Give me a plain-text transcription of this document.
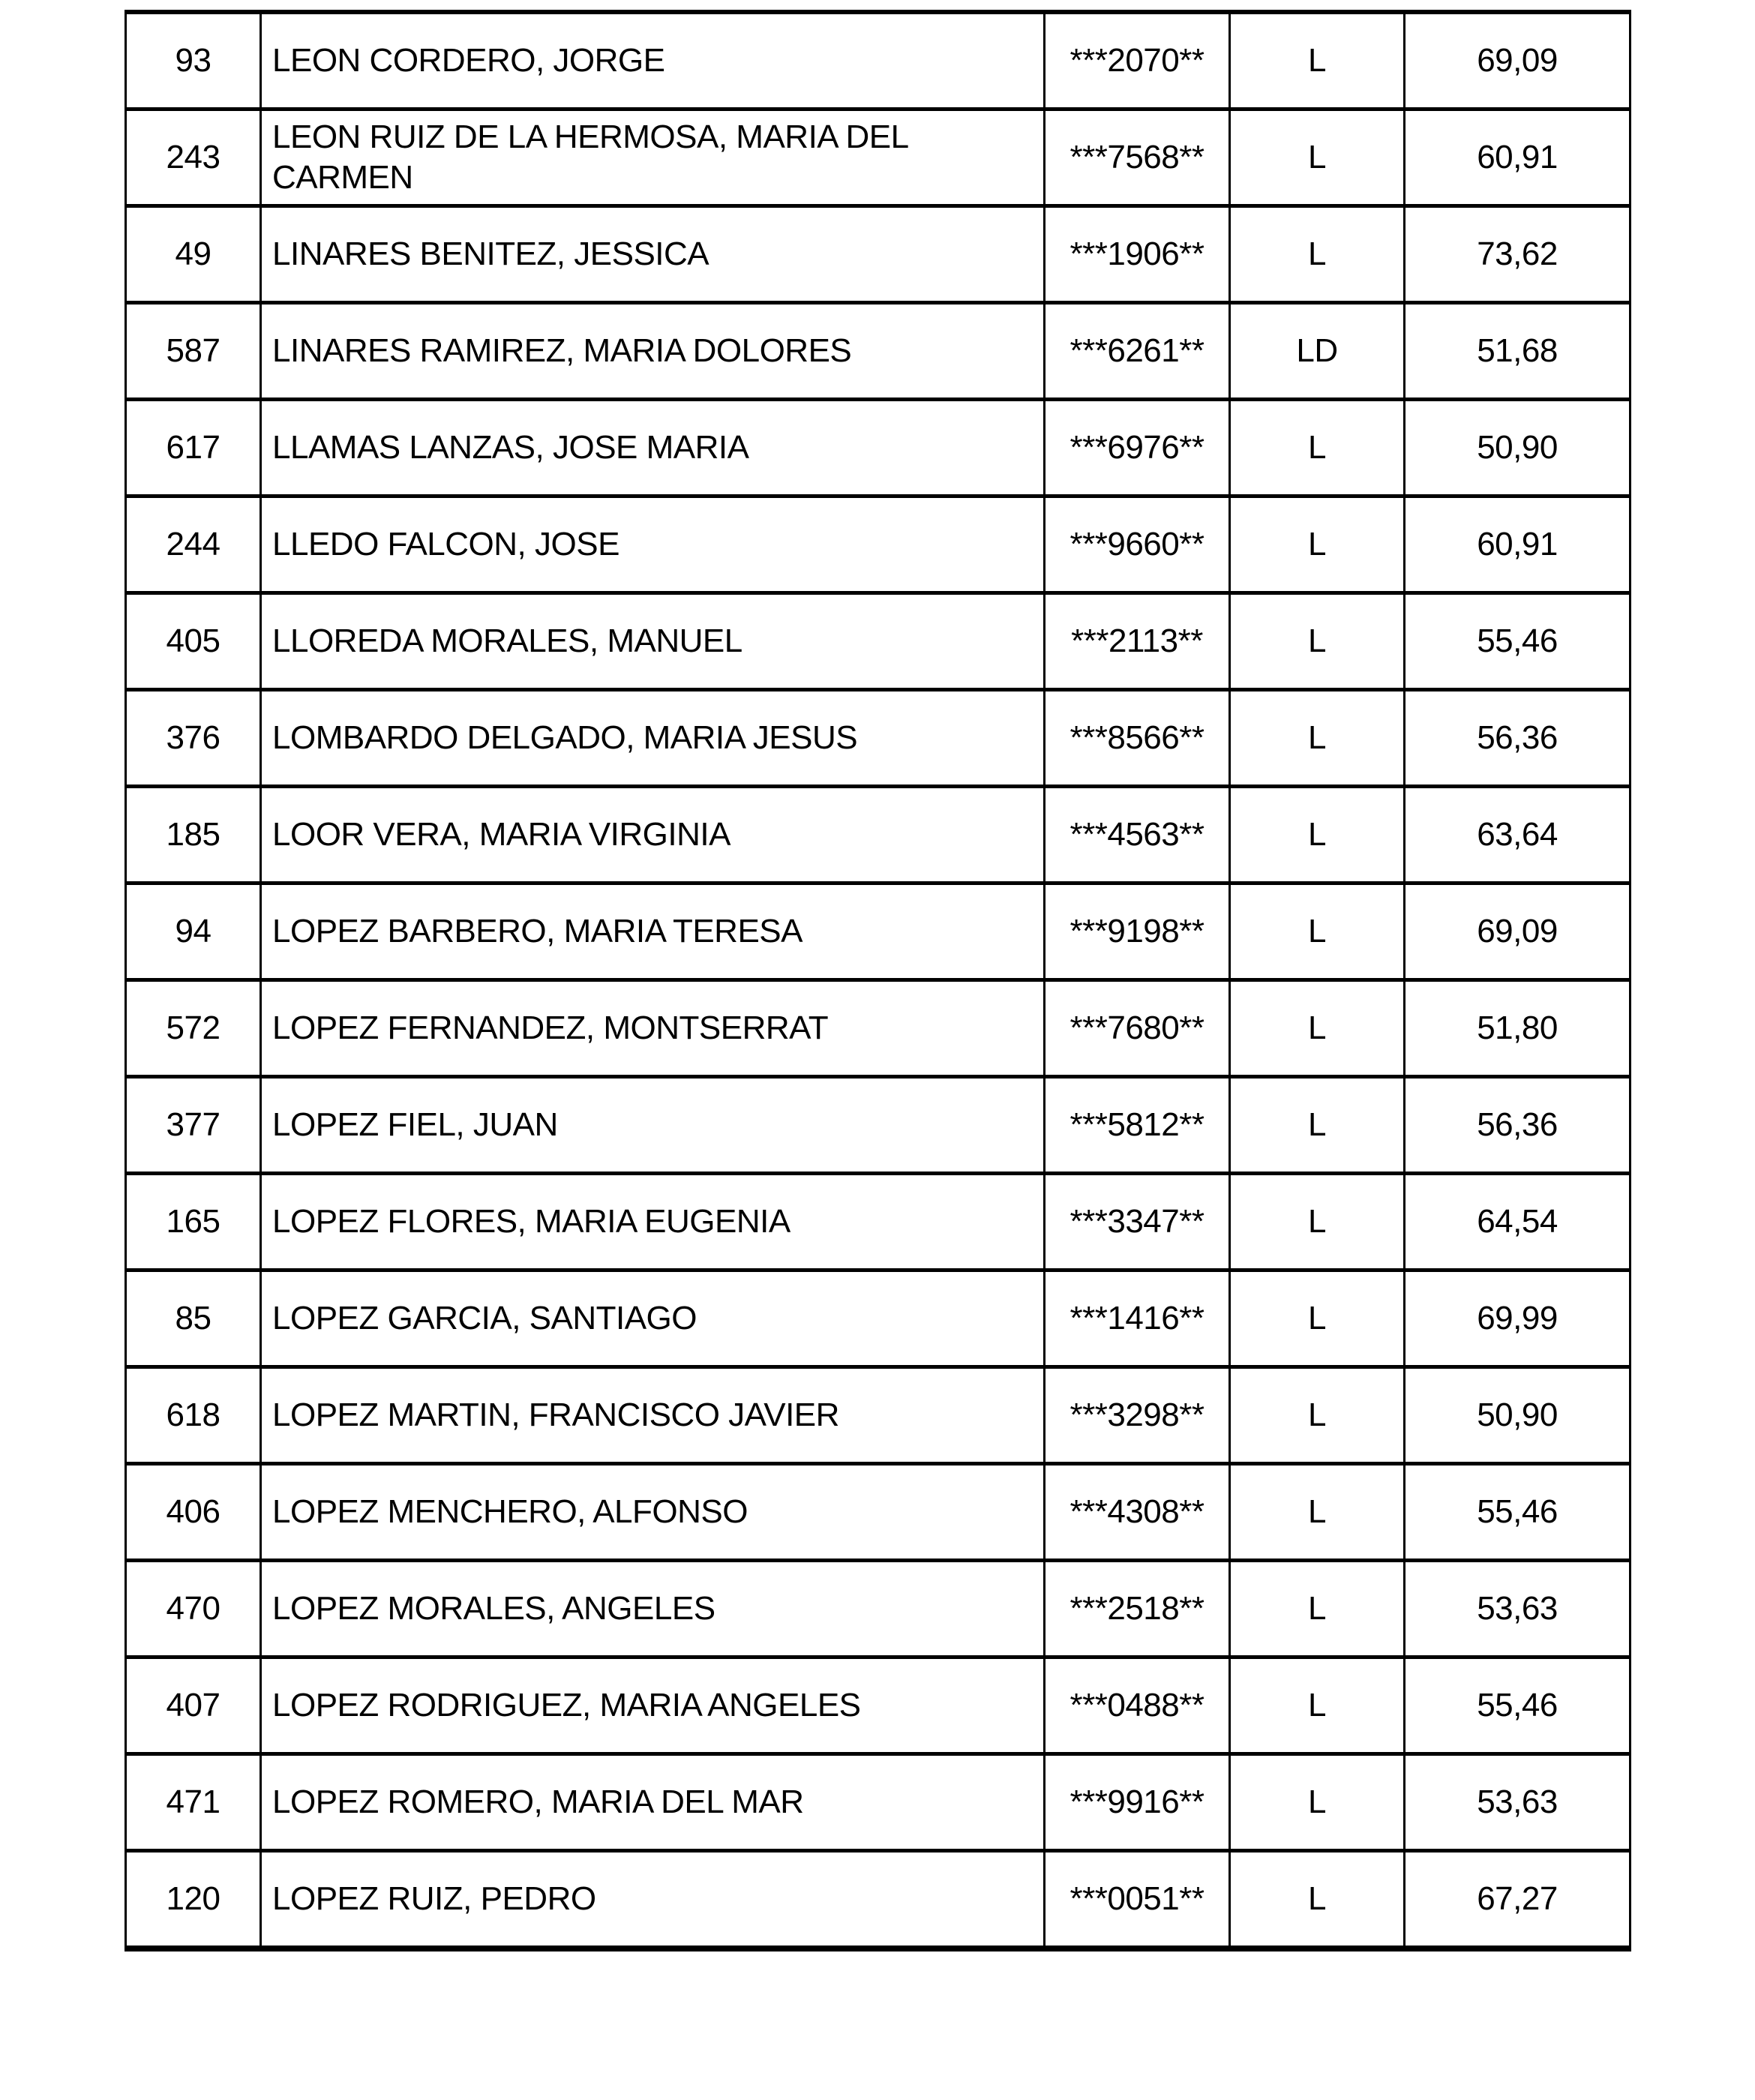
93	LEON CORDERO, JORGE	***2070**	L	69,09
243	LEON RUIZ DE LA HERMOSA, MARIA DEL CARMEN	***7568**	L	60,91
49	LINARES BENITEZ, JESSICA	***1906**	L	73,62
587	LINARES RAMIREZ, MARIA DOLORES	***6261**	LD	51,68
617	LLAMAS LANZAS, JOSE MARIA	***6976**	L	50,90
244	LLEDO FALCON, JOSE	***9660**	L	60,91
405	LLOREDA MORALES, MANUEL	***2113**	L	55,46
376	LOMBARDO DELGADO, MARIA JESUS	***8566**	L	56,36
185	LOOR VERA, MARIA VIRGINIA	***4563**	L	63,64
94	LOPEZ BARBERO, MARIA TERESA	***9198**	L	69,09
572	LOPEZ FERNANDEZ, MONTSERRAT	***7680**	L	51,80
377	LOPEZ FIEL, JUAN	***5812**	L	56,36
165	LOPEZ FLORES, MARIA EUGENIA	***3347**	L	64,54
85	LOPEZ GARCIA, SANTIAGO	***1416**	L	69,99
618	LOPEZ MARTIN, FRANCISCO JAVIER	***3298**	L	50,90
406	LOPEZ MENCHERO, ALFONSO	***4308**	L	55,46
470	LOPEZ MORALES, ANGELES	***2518**	L	53,63
407	LOPEZ RODRIGUEZ, MARIA ANGELES	***0488**	L	55,46
471	LOPEZ ROMERO, MARIA DEL MAR	***9916**	L	53,63
120	LOPEZ RUIZ, PEDRO	***0051**	L	67,27
